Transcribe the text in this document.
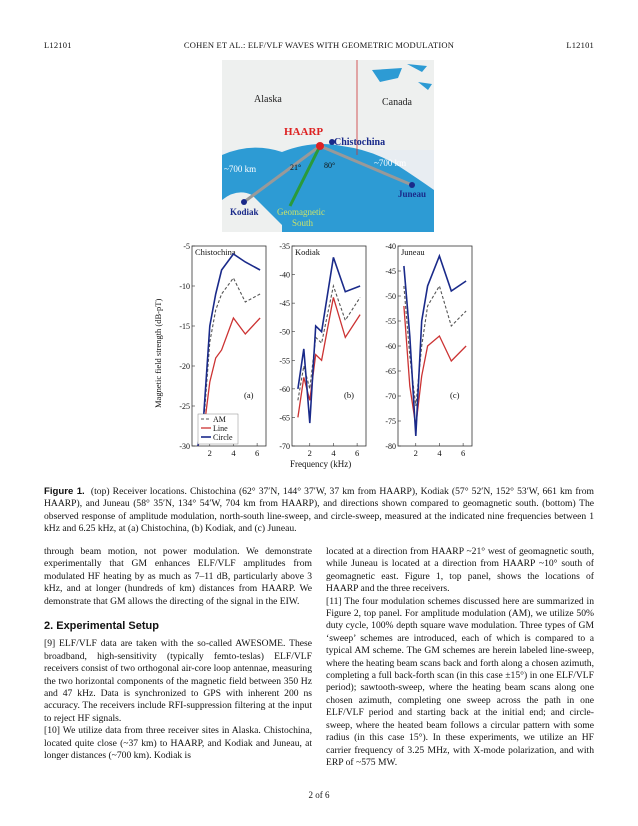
L12101	COHEN ET AL.: ELF/VLF WAVES WITH GEOMETRIC MODULATION	L12101
Alaska	Canada
HAARP
Chistochina
~700 km
~700 km
21°	80°
Kodiak
Juneau
Geomagnetic
South
Chistochina
(a)
-5
-10
-15
-20
-25
-30
2 4 6
Kodiak
(b)
-35
-40
-45
-50
-55
-60
-65
-70
2 4 6
Juneau
(c)
-40
-45
-50
-55
-60
-65
-70
-75
-80
2 4 6
AM
Line
Circle
Magnetic field strength (dB-pT)
Frequency (kHz)
Figure 1. (top) Receiver locations. Chistochina (62° 37′N, 144° 37′W, 37 km from HAARP), Kodiak (57° 52′N, 152° 53′W, 661 km from HAARP), and Juneau (58° 35′N, 134° 54′W, 704 km from HAARP), and directions shown compared to geomagnetic south. (bottom) The observed response of amplitude modulation, north-south line-sweep, and circle-sweep, measured at the indicated nine frequencies between 1 kHz and 6.25 kHz, at (a) Chistochina, (b) Kodiak, and (c) Juneau.

through beam motion, not power modulation. We demonstrate experimentally that GM enhances ELF/VLF amplitudes from modulated HF heating by as much as 7–11 dB, particularly above 3 kHz, and at longer (hundreds of km) distances from HAARP. We demonstrate that GM allows the directing of the signal in the EIW.

2. Experimental Setup

[9] ELF/VLF data are taken with the so-called AWESOME. These broadband, high-sensitivity (typically femto-teslas) ELF/VLF receivers consist of two orthogonal air-core loop antennae, measuring the two horizontal components of the magnetic field between 350 Hz and 47 kHz. Data is synchronized to GPS with inherent 200 ns accuracy. The receivers include RFI-suppression filtering at the input to reject HF signals.

[10] We utilize data from three receiver sites in Alaska. Chistochina, located quite close (~37 km) to HAARP, and Kodiak and Juneau, at longer distances (~700 km). Kodiak is

located at a direction from HAARP ~21° west of geomagnetic south, while Juneau is located at a direction from HAARP ~10° south of geomagnetic east. Figure 1, top panel, shows the locations of HAARP and the three receivers.

[11] The four modulation schemes discussed here are summarized in Figure 2, top panel. For amplitude modulation (AM), we utilize 50% duty cycle, 100% depth square wave modulation. Three types of GM ‘sweep’ schemes are introduced, each of which is compared to a typical AM scheme. The GM schemes are herein labeled line-sweep, where the heating beam scans back and forth along a chosen azimuth, completing a full back-forth scan (in this case ±15°) in one ELF/VLF period); sawtooth-sweep, where the heating beam scans along one chosen azimuth, completing one sweep across the path in one ELF/VLF period and starting back at the initial end; and circle-sweep, where the heated beam follows a circular pattern with some radius (in this case 15°). In these experiments, we utilize an HF carrier frequency of 3.25 MHz, with X-mode polarization, and with ERP of ~575 MW.

2 of 6
